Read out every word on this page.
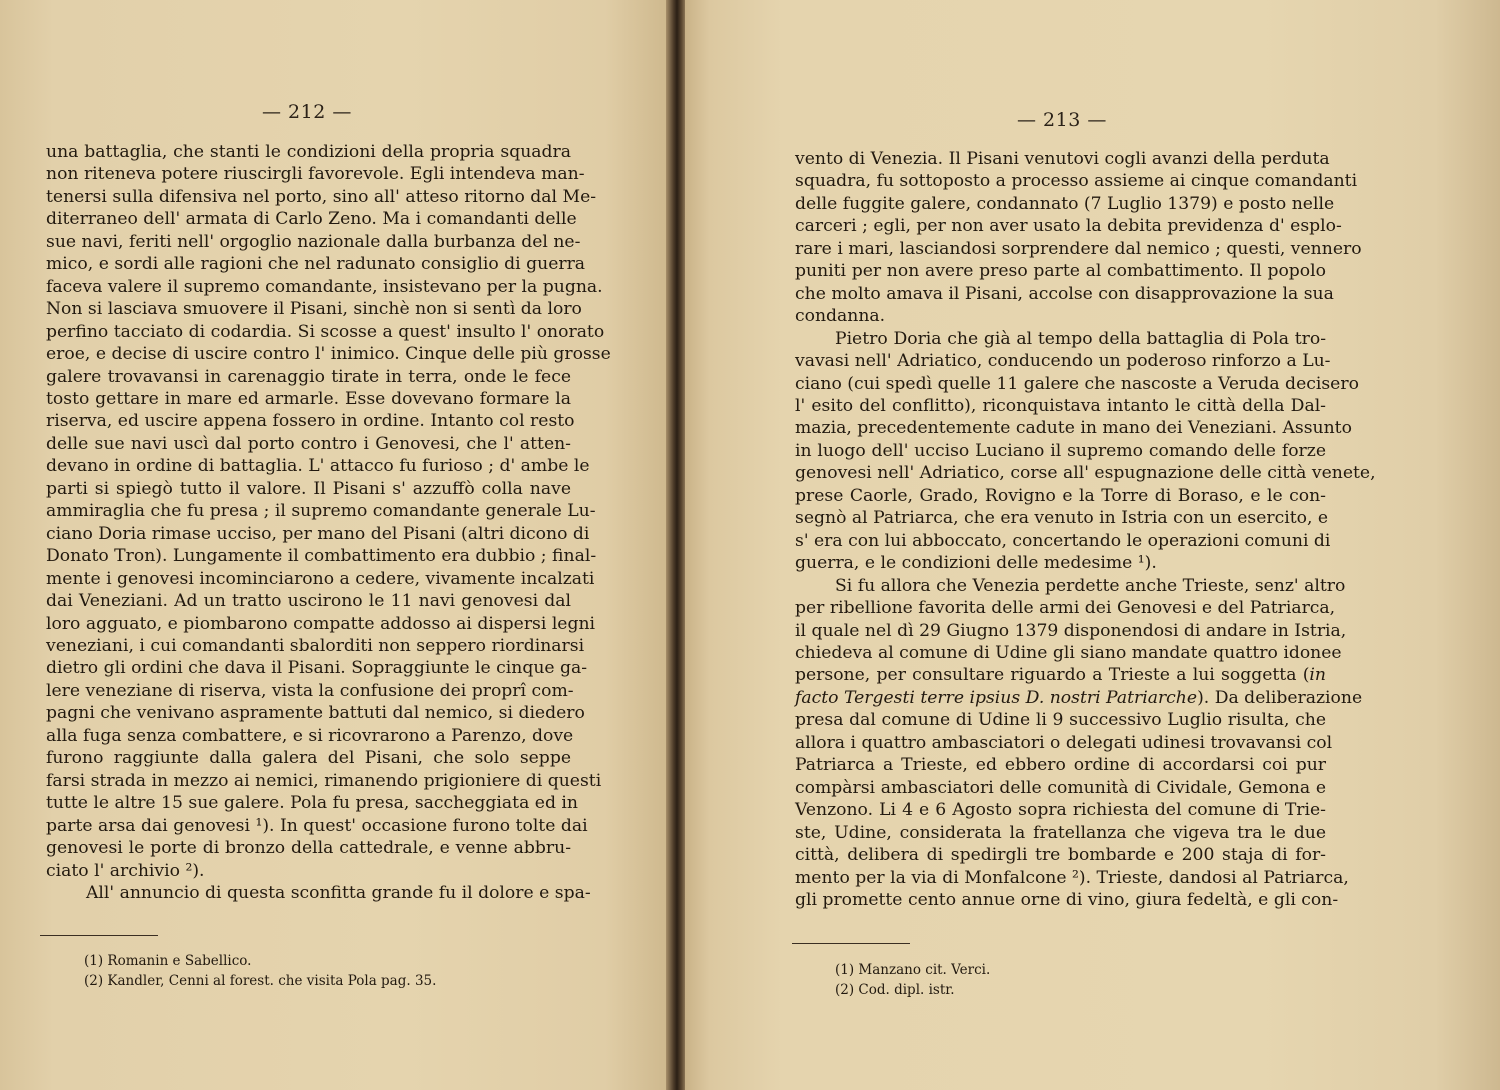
— 212 —
una battaglia, che stanti le condizioni della propria squadra
non riteneva potere riuscirgli favorevole. Egli intendeva man-
tenersi sulla difensiva nel porto, sino all' atteso ritorno dal Me-
diterraneo dell' armata di Carlo Zeno. Ma i comandanti delle
sue navi, feriti nell' orgoglio nazionale dalla burbanza del ne-
mico, e sordi alle ragioni che nel radunato consiglio di guerra
faceva valere il supremo comandante, insistevano per la pugna.
Non si lasciava smuovere il Pisani, sinchè non si sentì da loro
perfino tacciato di codardia. Si scosse a quest' insulto l' onorato
eroe, e decise di uscire contro l' inimico. Cinque delle più grosse
galere trovavansi in carenaggio tirate in terra, onde le fece
tosto gettare in mare ed armarle. Esse dovevano formare la
riserva, ed uscire appena fossero in ordine. Intanto col resto
delle sue navi uscì dal porto contro i Genovesi, che l' atten-
devano in ordine di battaglia. L' attacco fu furioso ; d' ambe le
parti si spiegò tutto il valore. Il Pisani s' azzuffò colla nave
ammiraglia che fu presa ; il supremo comandante generale Lu-
ciano Doria rimase ucciso, per mano del Pisani (altri dicono di
Donato Tron). Lungamente il combattimento era dubbio ; final-
mente i genovesi incominciarono a cedere, vivamente incalzati
dai Veneziani. Ad un tratto uscirono le 11 navi genovesi dal
loro agguato, e piombarono compatte addosso ai dispersi legni
veneziani, i cui comandanti sbalorditi non seppero riordinarsi
dietro gli ordini che dava il Pisani. Sopraggiunte le cinque ga-
lere veneziane di riserva, vista la confusione dei proprî com-
pagni che venivano aspramente battuti dal nemico, si diedero
alla fuga senza combattere, e si ricovrarono a Parenzo, dove
furono raggiunte dalla galera del Pisani, che solo seppe
farsi strada in mezzo ai nemici, rimanendo prigioniere di questi
tutte le altre 15 sue galere. Pola fu presa, saccheggiata ed in
parte arsa dai genovesi ¹). In quest' occasione furono tolte dai
genovesi le porte di bronzo della cattedrale, e venne abbru-
ciato l' archivio ²).
All' annuncio di questa sconfitta grande fu il dolore e spa-
(1) Romanin e Sabellico.
(2) Kandler, Cenni al forest. che visita Pola pag. 35.
— 213 —
vento di Venezia. Il Pisani venutovi cogli avanzi della perduta
squadra, fu sottoposto a processo assieme ai cinque comandanti
delle fuggite galere, condannato (7 Luglio 1379) e posto nelle
carceri ; egli, per non aver usato la debita previdenza d' esplo-
rare i mari, lasciandosi sorprendere dal nemico ; questi, vennero
puniti per non avere preso parte al combattimento. Il popolo
che molto amava il Pisani, accolse con disapprovazione la sua
condanna.
Pietro Doria che già al tempo della battaglia di Pola tro-
vavasi nell' Adriatico, conducendo un poderoso rinforzo a Lu-
ciano (cui spedì quelle 11 galere che nascoste a Veruda decisero
l' esito del conflitto), riconquistava intanto le città della Dal-
mazia, precedentemente cadute in mano dei Veneziani. Assunto
in luogo dell' ucciso Luciano il supremo comando delle forze
genovesi nell' Adriatico, corse all' espugnazione delle città venete,
prese Caorle, Grado, Rovigno e la Torre di Boraso, e le con-
segnò al Patriarca, che era venuto in Istria con un esercito, e
s' era con lui abboccato, concertando le operazioni comuni di
guerra, e le condizioni delle medesime ¹).
Si fu allora che Venezia perdette anche Trieste, senz' altro
per ribellione favorita delle armi dei Genovesi e del Patriarca,
il quale nel dì 29 Giugno 1379 disponendosi di andare in Istria,
chiedeva al comune di Udine gli siano mandate quattro idonee
persone, per consultare riguardo a Trieste a lui soggetta (in
facto Tergesti terre ipsius D. nostri Patriarche). Da deliberazione
presa dal comune di Udine li 9 successivo Luglio risulta, che
allora i quattro ambasciatori o delegati udinesi trovavansi col
Patriarca a Trieste, ed ebbero ordine di accordarsi coi pur
compàrsi ambasciatori delle comunità di Cividale, Gemona e
Venzono. Li 4 e 6 Agosto sopra richiesta del comune di Trie-
ste, Udine, considerata la fratellanza che vigeva tra le due
città, delibera di spedirgli tre bombarde e 200 staja di for-
mento per la via di Monfalcone ²). Trieste, dandosi al Patriarca,
gli promette cento annue orne di vino, giura fedeltà, e gli con-
(1) Manzano cit. Verci.
(2) Cod. dipl. istr.
